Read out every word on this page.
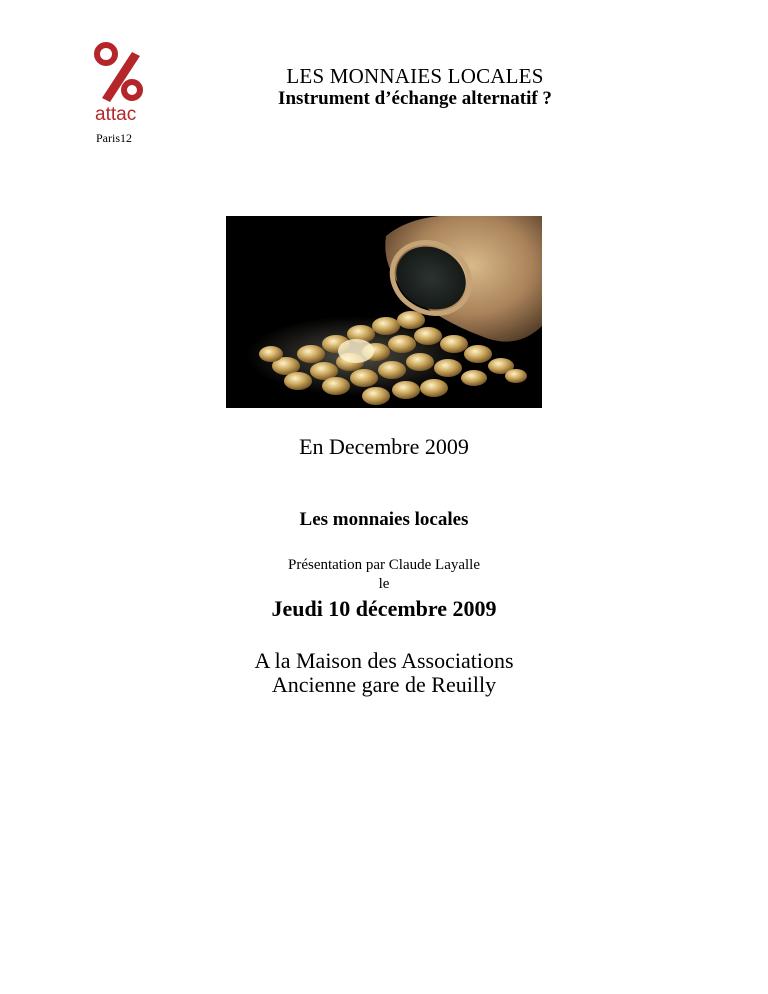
attac
Paris12
LES MONNAIES LOCALES
Instrument d’échange alternatif ?
En Decembre 2009
Les monnaies locales
Présentation par Claude Layalle
le
Jeudi 10 décembre 2009
A la Maison des Associations
Ancienne gare de Reuilly
